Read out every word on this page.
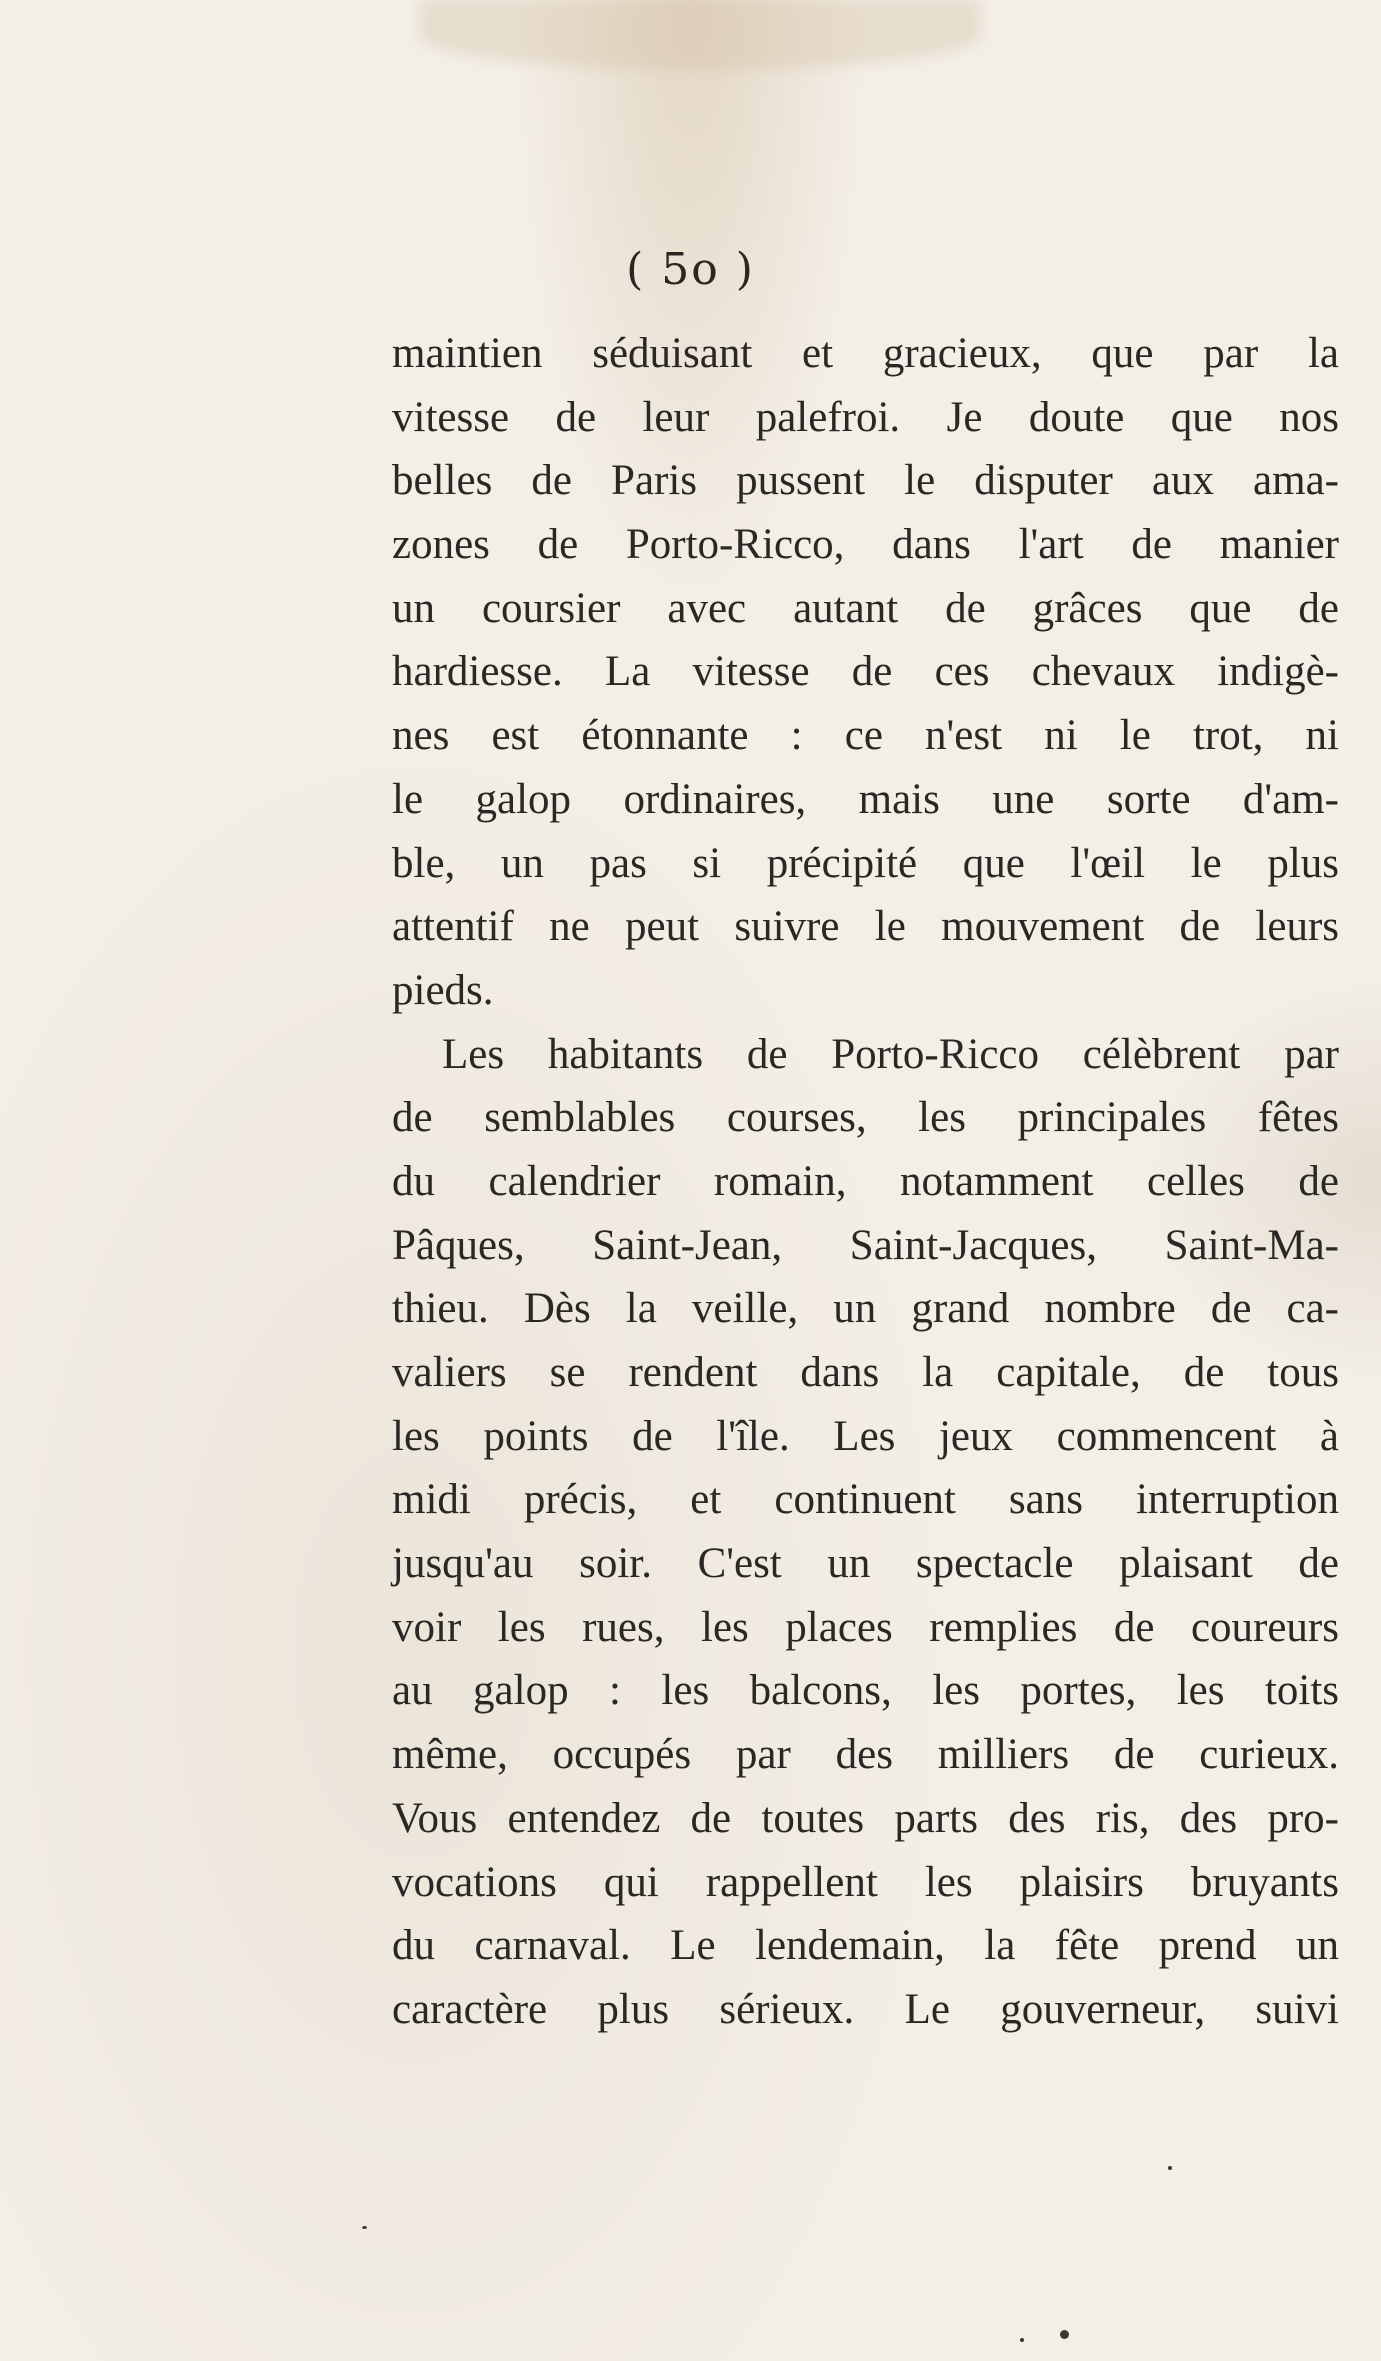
( 5o )
maintien séduisant et gracieux, que par la
vitesse de leur palefroi. Je doute que nos
belles de Paris pussent le disputer aux ama-
zones de Porto-Ricco, dans l'art de manier
un coursier avec autant de grâces que de
hardiesse. La vitesse de ces chevaux indigè-
nes est étonnante : ce n'est ni le trot, ni
le galop ordinaires, mais une sorte d'am-
ble, un pas si précipité que l'œil le plus
attentif ne peut suivre le mouvement de leurs
pieds.
Les habitants de Porto-Ricco célèbrent par
de semblables courses, les principales fêtes
du calendrier romain, notamment celles de
Pâques, Saint-Jean, Saint-Jacques, Saint-Ma-
thieu. Dès la veille, un grand nombre de ca-
valiers se rendent dans la capitale, de tous
les points de l'île. Les jeux commencent à
midi précis, et continuent sans interruption
jusqu'au soir. C'est un spectacle plaisant de
voir les rues, les places remplies de coureurs
au galop : les balcons, les portes, les toits
même, occupés par des milliers de curieux.
Vous entendez de toutes parts des ris, des pro-
vocations qui rappellent les plaisirs bruyants
du carnaval. Le lendemain, la fête prend un
caractère plus sérieux. Le gouverneur, suivi
